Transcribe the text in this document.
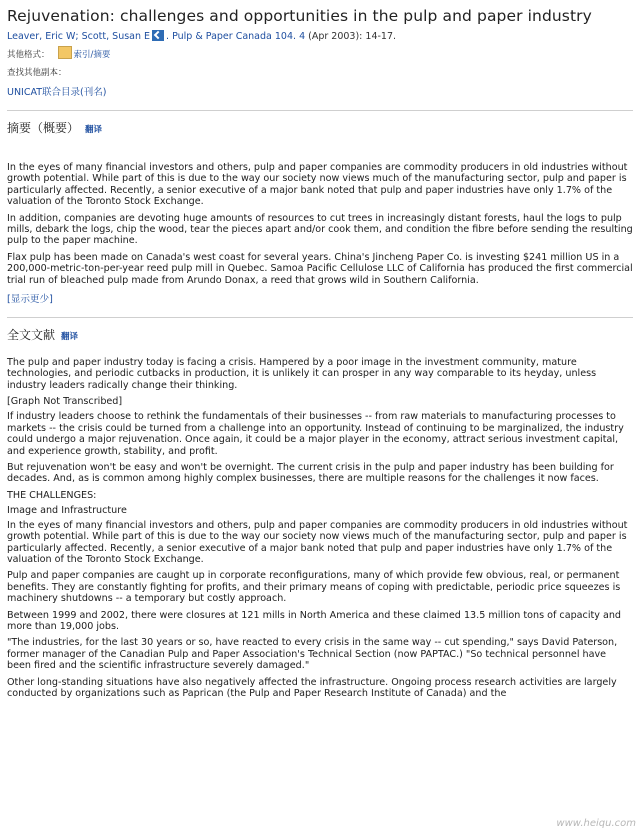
Rejuvenation: challenges and opportunities in the pulp and paper industry
Leaver, Eric W; Scott, Susan E . Pulp & Paper Canada 104. 4 (Apr 2003): 14-17.
其他格式：	索引/摘要
查找其他副本：
UNICAT联合目录(刊名)
摘要（概要） 翻译

In the eyes of many financial investors and others, pulp and paper companies are commodity producers in old industries without growth potential. While part of this is due to the way our society now views much of the manufacturing sector, pulp and paper is particularly affected. Recently, a senior executive of a major bank noted that pulp and paper industries have only 1.7% of the valuation of the Toronto Stock Exchange.

In addition, companies are devoting huge amounts of resources to cut trees in increasingly distant forests, haul the logs to pulp mills, debark the logs, chip the wood, tear the pieces apart and/or cook them, and condition the fibre before sending the resulting pulp to the paper machine.

Flax pulp has been made on Canada's west coast for several years. China's Jincheng Paper Co. is investing $241 million US in a 200,000-metric-ton-per-year reed pulp mill in Quebec. Samoa Pacific Cellulose LLC of California has produced the first commercial trial run of bleached pulp made from Arundo Donax, a reed that grows wild in Southern California.

[显示更少]
全文文献 翻译

The pulp and paper industry today is facing a crisis. Hampered by a poor image in the investment community, mature technologies, and periodic cutbacks in production, it is unlikely it can prosper in any way comparable to its heyday, unless industry leaders radically change their thinking.

[Graph Not Transcribed]

If industry leaders choose to rethink the fundamentals of their businesses -- from raw materials to manufacturing processes to markets -- the crisis could be turned from a challenge into an opportunity. Instead of continuing to be marginalized, the industry could undergo a major rejuvenation. Once again, it could be a major player in the economy, attract serious investment capital, and experience growth, stability, and profit.

But rejuvenation won't be easy and won't be overnight. The current crisis in the pulp and paper industry has been building for decades. And, as is common among highly complex businesses, there are multiple reasons for the challenges it now faces.

THE CHALLENGES:
Image and Infrastructure

In the eyes of many financial investors and others, pulp and paper companies are commodity producers in old industries without growth potential. While part of this is due to the way our society now views much of the manufacturing sector, pulp and paper is particularly affected. Recently, a senior executive of a major bank noted that pulp and paper industries have only 1.7% of the valuation of the Toronto Stock Exchange.

Pulp and paper companies are caught up in corporate reconfigurations, many of which provide few obvious, real, or permanent benefits. They are constantly fighting for profits, and their primary means of coping with predictable, periodic price squeezes is machinery shutdowns -- a temporary but costly approach.

Between 1999 and 2002, there were closures at 121 mills in North America and these claimed 13.5 million tons of capacity and more than 19,000 jobs.

"The industries, for the last 30 years or so, have reacted to every crisis in the same way -- cut spending," says David Paterson, former manager of the Canadian Pulp and Paper Association's Technical Section (now PAPTAC.) "So technical personnel have been fired and the scientific infrastructure severely damaged."

Other long-standing situations have also negatively affected the infrastructure. Ongoing process research activities are largely conducted by organizations such as Paprican (the Pulp and Paper Research Institute of Canada) and the

www.heiqu.com
